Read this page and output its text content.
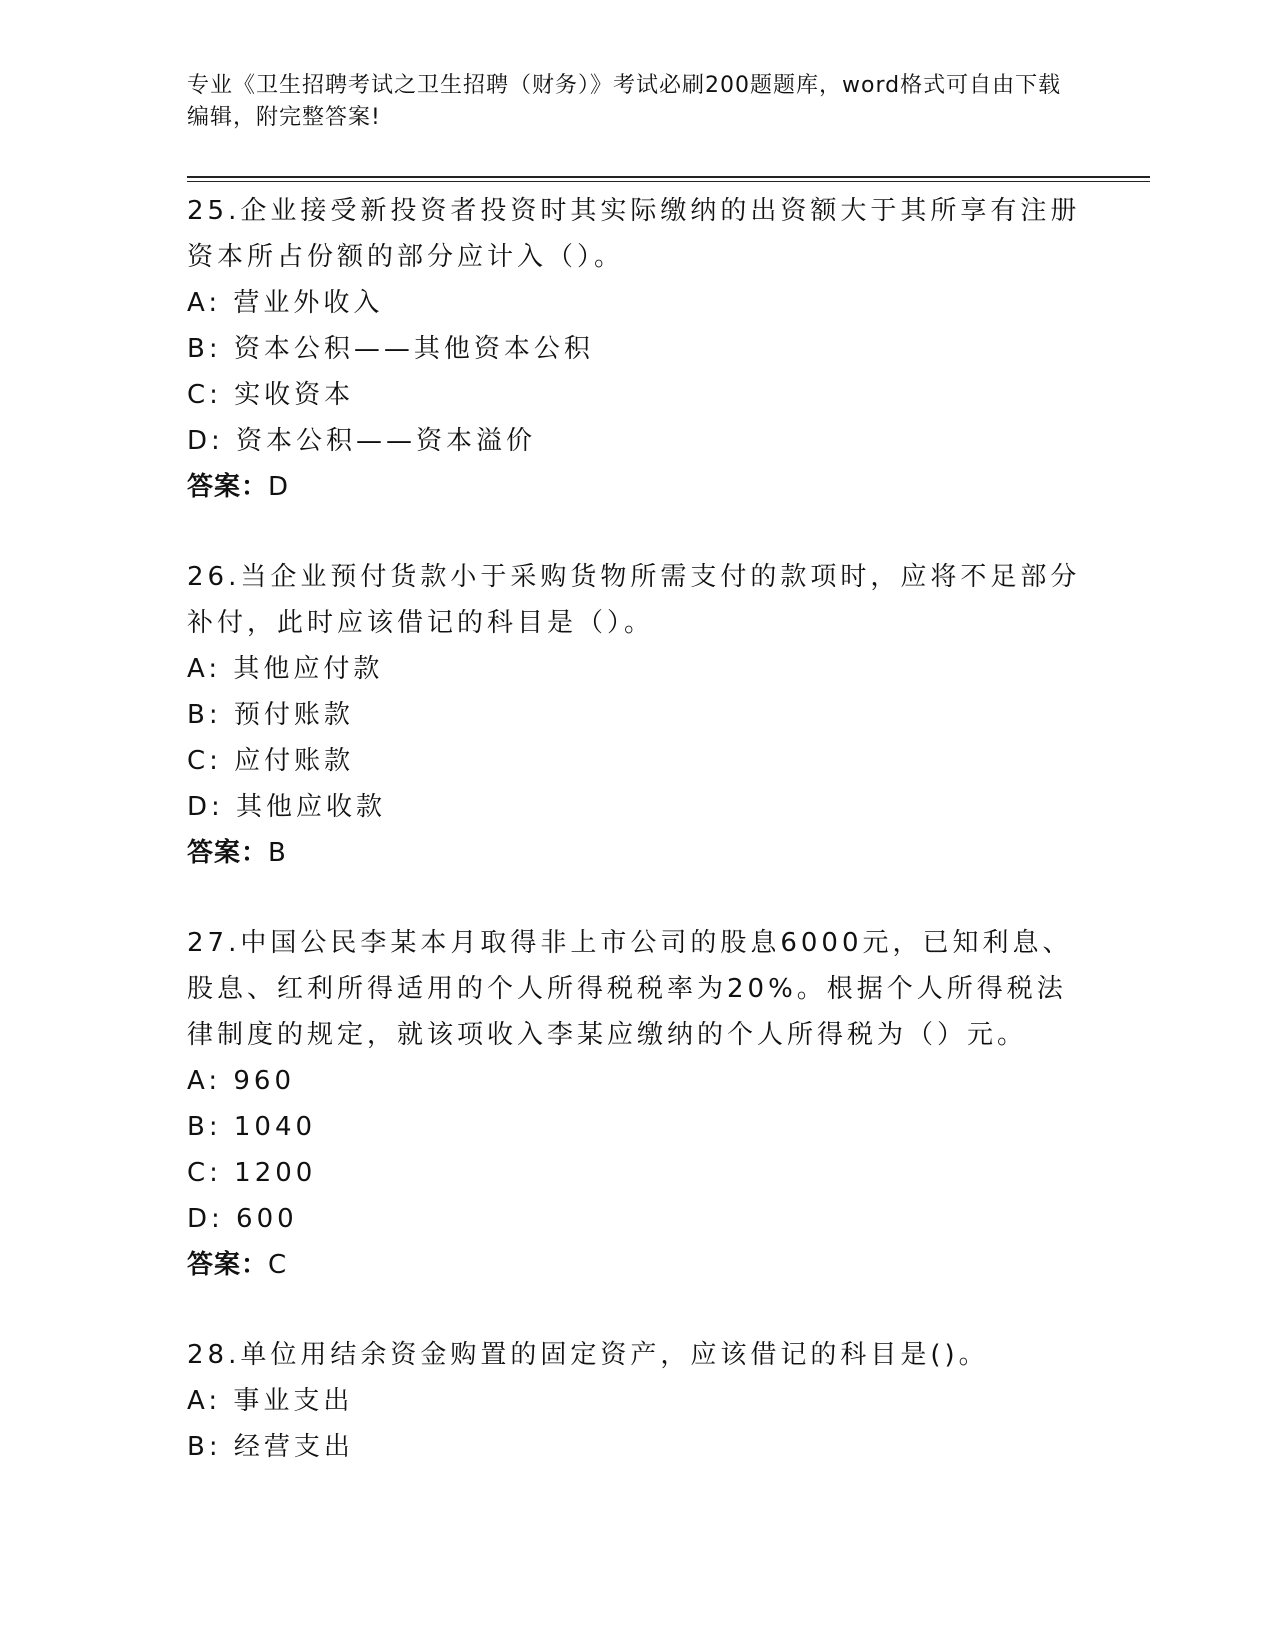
专业《卫生招聘考试之卫生招聘（财务）》考试必刷200题题库，word格式可自由下载编辑，附完整答案!

25.企业接受新投资者投资时其实际缴纳的出资额大于其所享有注册资本所占份额的部分应计入（）。

A: 营业外收入

B: 资本公积——其他资本公积

C: 实收资本

D: 资本公积——资本溢价

答案：D

26.当企业预付货款小于采购货物所需支付的款项时，应将不足部分补付，此时应该借记的科目是（）。

A: 其他应付款

B: 预付账款

C: 应付账款

D: 其他应收款

答案：B

27.中国公民李某本月取得非上市公司的股息6000元，已知利息、股息、红利所得适用的个人所得税税率为20%。根据个人所得税法律制度的规定，就该项收入李某应缴纳的个人所得税为（）元。

A: 960

B: 1040

C: 1200

D: 600

答案：C

28.单位用结余资金购置的固定资产，应该借记的科目是()。

A: 事业支出

B: 经营支出
